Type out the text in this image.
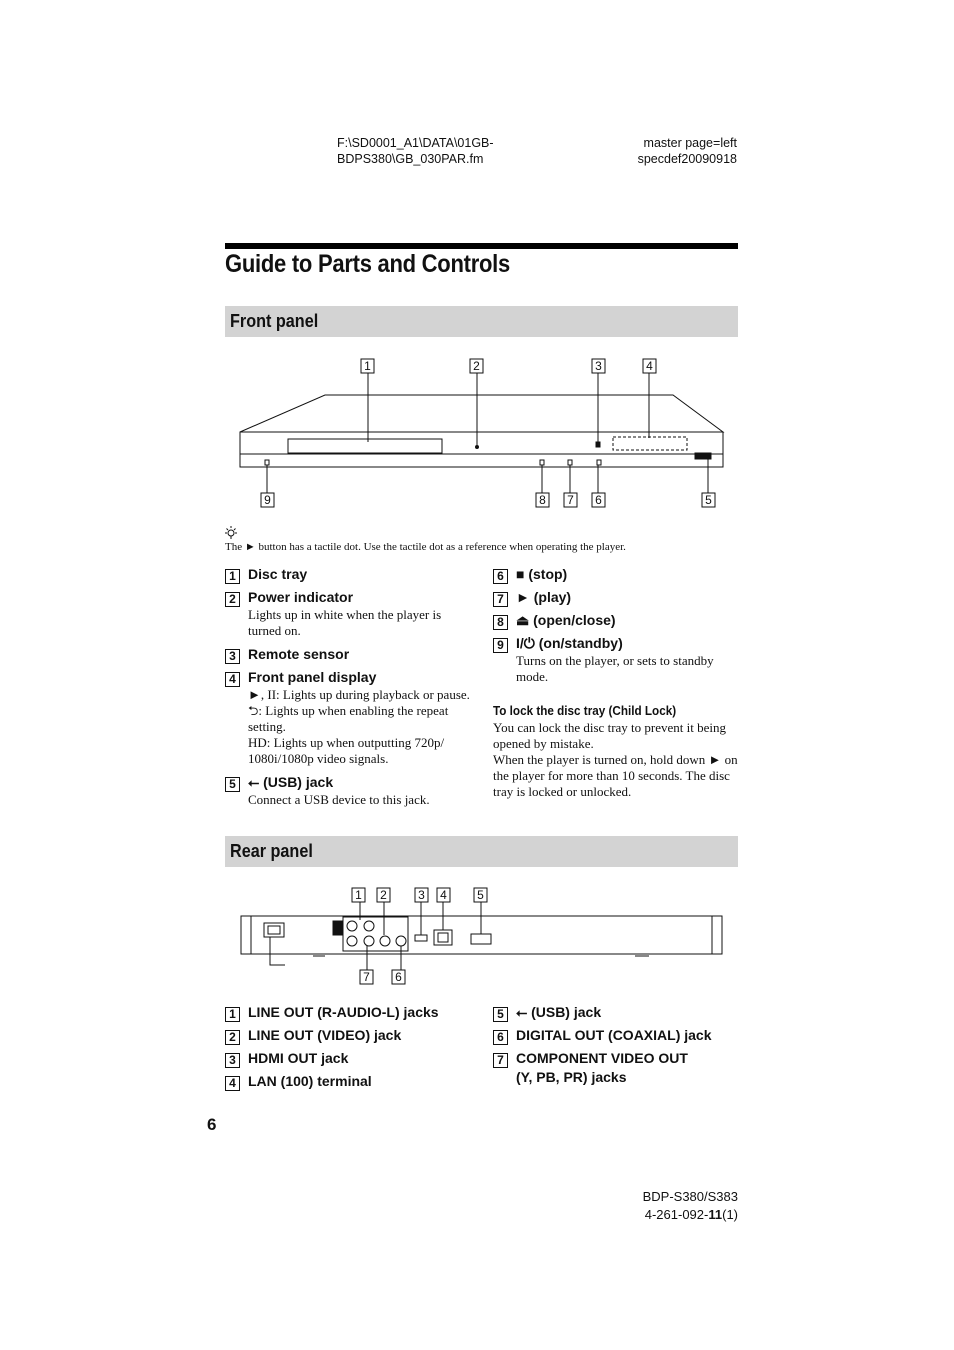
F:\SD0001_A1\DATA\01GB-
BDPS380\GB_030PAR.fm
master page=left
specdef20090918
Guide to Parts and Controls
Front panel
1	2	3	4
9	8 7 6	5
The ► button has a tactile dot. Use the tactile dot as a reference when operating the player.
1 Disc tray
2 Power indicator
Lights up in white when the player is turned on.
3 Remote sensor
4 Front panel display

►, II: Lights up during playback or pause.

⮌: Lights up when enabling the repeat setting.

HD: Lights up when outputting 720p/ 1080i/1080p video signals.

5 ⭠ (USB) jack
Connect a USB device to this jack.
6 ■ (stop)
7 ► (play)
8 ⏏ (open/close)
9 I/⏻ (on/standby)
Turns on the player, or sets to standby mode.
To lock the disc tray (Child Lock)
You can lock the disc tray to prevent it being opened by mistake.
When the player is turned on, hold down ► on the player for more than 10 seconds. The disc tray is locked or unlocked.
Rear panel
1 2	3 4	5
7 6
1 LINE OUT (R-AUDIO-L) jacks
2 LINE OUT (VIDEO) jack
3 HDMI OUT jack
4 LAN (100) terminal
5 ⭠ (USB) jack
6 DIGITAL OUT (COAXIAL) jack
7 COMPONENT VIDEO OUT
(Y, PB, PR) jacks
6
BDP-S380/S383
4-261-092-11(1)
